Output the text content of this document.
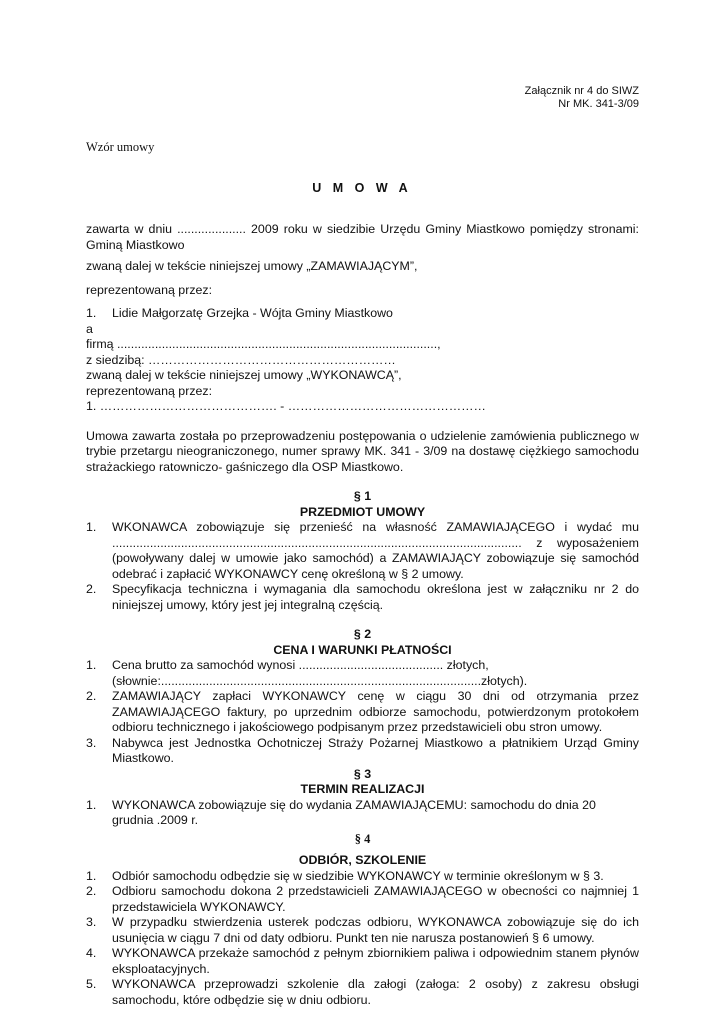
Załącznik nr 4 do SIWZ
Nr MK. 341-3/09
Wzór umowy
U M O W A

zawarta w dniu .................... 2009 roku w siedzibie Urzędu Gminy Miastkowo pomiędzy stronami: Gminą Miastkowo

zwaną dalej w tekście niniejszej umowy „ZAMAWIAJĄCYM”,

reprezentowaną przez:

1. Lidie Małgorzatę Grzejka - Wójta Gminy Miastkowo

a

firmą .............................................................................................,

z siedzibą: ……………………………………………………

zwaną dalej w tekście niniejszej umowy „WYKONAWCĄ”,

reprezentowaną przez:

1. ……………………………………. - …………………………………………

Umowa zawarta została po przeprowadzeniu postępowania o udzielenie zamówienia publicznego w trybie przetargu nieograniczonego, numer sprawy MK. 341 - 3/09 na dostawę ciężkiego samochodu strażackiego ratowniczo- gaśniczego dla OSP Miastkowo.

§ 1
PRZEDMIOT UMOWY
1. WKONAWCA zobowiązuje się przenieść na własność ZAMAWIAJĄCEGO i wydać mu ....................................................................................................................... z wyposażeniem (powoływany dalej w umowie jako samochód) a ZAMAWIAJĄCY zobowiązuje się samochód odebrać i zapłacić WYKONAWCY cenę określoną w § 2 umowy.
2. Specyfikacja techniczna i wymagania dla samochodu określona jest w załączniku nr 2 do niniejszej umowy, który jest jej integralną częścią.
§ 2
CENA I WARUNKI PŁATNOŚCI
1. Cena brutto za samochód wynosi .......................................... złotych, (słownie:.............................................................................................złotych).
2. ZAMAWIAJĄCY zapłaci WYKONAWCY cenę w ciągu 30 dni od otrzymania przez ZAMAWIAJĄCEGO faktury, po uprzednim odbiorze samochodu, potwierdzonym protokołem odbioru technicznego i jakościowego podpisanym przez przedstawicieli obu stron umowy.
3. Nabywca jest Jednostka Ochotniczej Straży Pożarnej Miastkowo a płatnikiem Urząd Gminy Miastkowo.
§ 3
TERMIN REALIZACJI
1. WYKONAWCA zobowiązuje się do wydania ZAMAWIAJĄCEMU: samochodu do dnia 20 grudnia .2009 r.
§ 4
ODBIÓR, SZKOLENIE
1. Odbiór samochodu odbędzie się w siedzibie WYKONAWCY w terminie określonym w § 3.
2. Odbioru samochodu dokona 2 przedstawicieli ZAMAWIAJĄCEGO w obecności co najmniej 1 przedstawiciela WYKONAWCY.
3. W przypadku stwierdzenia usterek podczas odbioru, WYKONAWCA zobowiązuje się do ich usunięcia w ciągu 7 dni od daty odbioru. Punkt ten nie narusza postanowień § 6 umowy.
4. WYKONAWCA przekaże samochód z pełnym zbiornikiem paliwa i odpowiednim stanem płynów eksploatacyjnych.
5. WYKONAWCA przeprowadzi szkolenie dla załogi (załoga: 2 osoby) z zakresu obsługi samochodu, które odbędzie się w dniu odbioru.
